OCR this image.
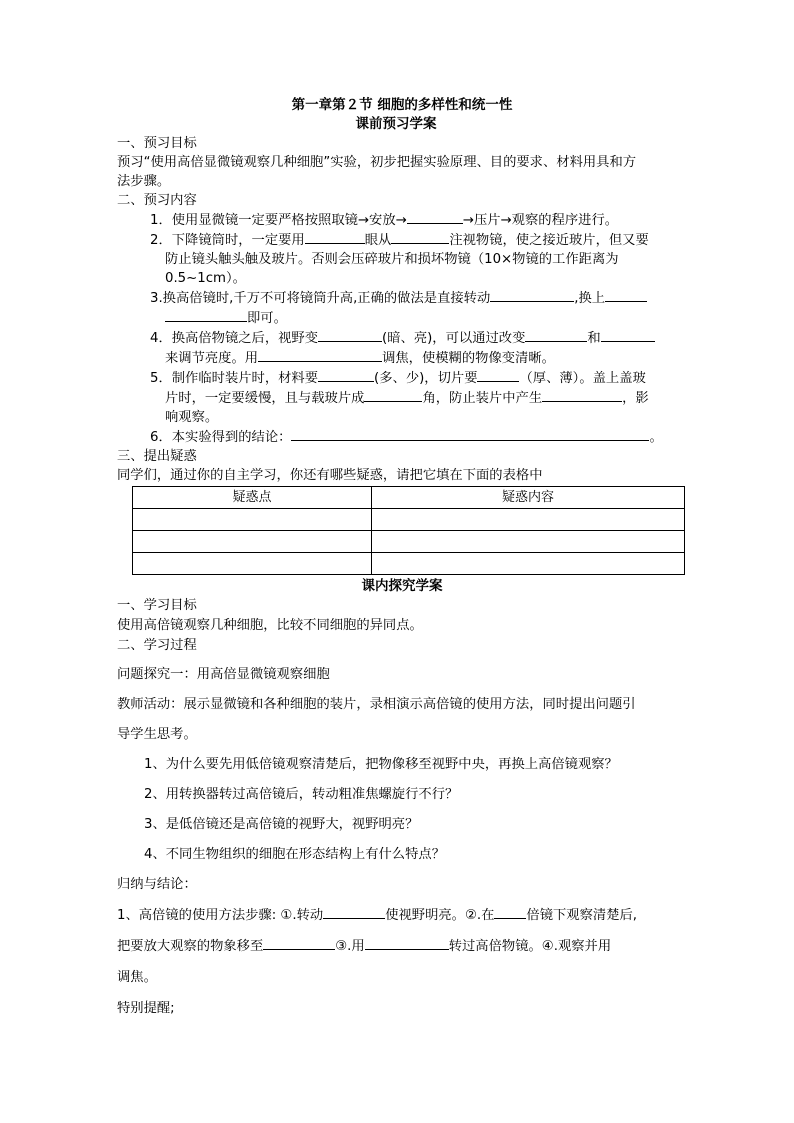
第一章第２节 细胞的多样性和统一性

课前预习学案

一、预习目标

预习“使用高倍显微镜观察几种细胞”实验，初步把握实验原理、目的要求、材料用具和方

法步骤。

二、预习内容

1．使用显微镜一定要严格按照取镜→安放→	→压片→观察的程序进行。

2．下降镜筒时，一定要用	眼从	注视物镜，使之接近玻片，但又要

防止镜头触头触及玻片。否则会压碎玻片和损坏物镜（10×物镜的工作距离为

0.5~1cm）。

3.换高倍镜时,千万不可将镜筒升高,正确的做法是直接转动	,换上

即可。

4．换高倍物镜之后，视野变	(暗、亮)，可以通过改变	和

来调节亮度。用	调焦，使模糊的物像变清晰。

5．制作临时装片时，材料要	(多、少)，切片要	（厚、薄）。盖上盖玻

片时，一定要缓慢，且与载玻片成	角，防止装片中产生	，影

响观察。

6．本实验得到的结论：	。

三、提出疑惑

同学们，通过你的自主学习，你还有哪些疑惑，请把它填在下面的表格中

疑惑点	疑惑内容

课内探究学案

一、学习目标

使用高倍镜观察几种细胞，比较不同细胞的异同点。

二、学习过程

问题探究一：用高倍显微镜观察细胞

教师活动：展示显微镜和各种细胞的装片，录相演示高倍镜的使用方法，同时提出问题引

导学生思考。

1、为什么要先用低倍镜观察清楚后，把物像移至视野中央，再换上高倍镜观察？

2、用转换器转过高倍镜后，转动粗准焦螺旋行不行？

3、是低倍镜还是高倍镜的视野大，视野明亮？

4、不同生物组织的细胞在形态结构上有什么特点？

归纳与结论：

1、高倍镜的使用方法步骤: ①.转动	使视野明亮。②.在 倍镜下观察清楚后,

把要放大观察的物象移至	③.用	转过高倍物镜。④.观察并用

调焦。

特别提醒;
